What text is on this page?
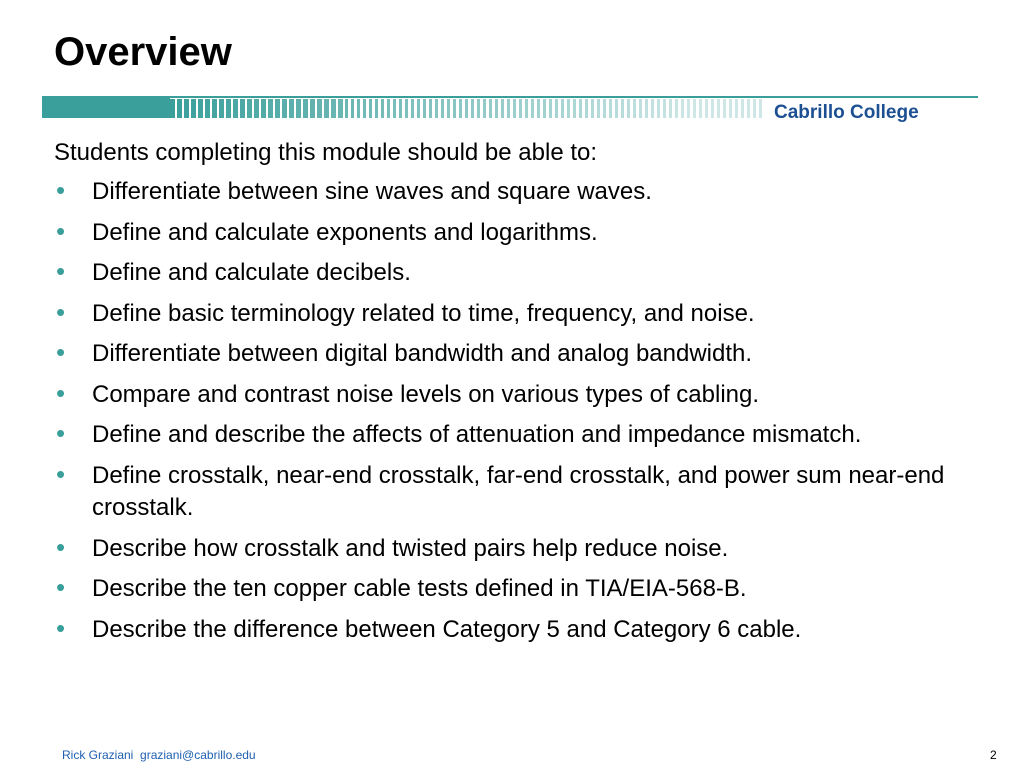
Overview
Cabrillo College

Students completing this module should be able to:

• Differentiate between sine waves and square waves.
• Define and calculate exponents and logarithms.
• Define and calculate decibels.
• Define basic terminology related to time, frequency, and noise.
• Differentiate between digital bandwidth and analog bandwidth.
• Compare and contrast noise levels on various types of cabling.
• Define and describe the affects of attenuation and impedance mismatch.
• Define crosstalk, near-end crosstalk, far-end crosstalk, and power sum near-end crosstalk.
• Describe how crosstalk and twisted pairs help reduce noise.
• Describe the ten copper cable tests defined in TIA/EIA-568-B.
• Describe the difference between Category 5 and Category 6 cable.
Rick Graziani graziani@cabrillo.edu	2
